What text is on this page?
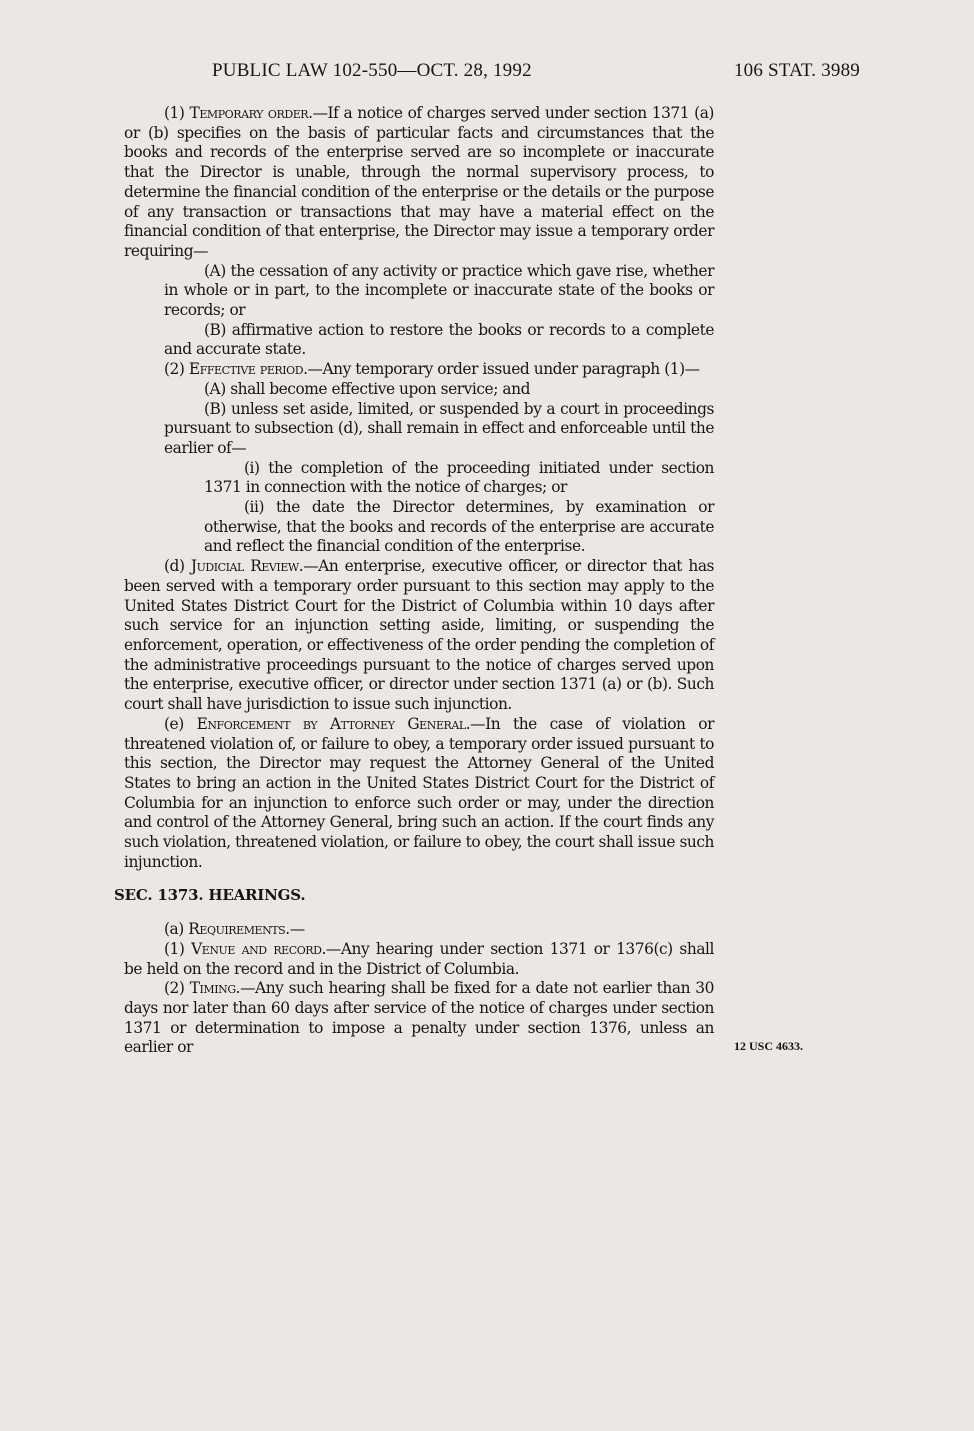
PUBLIC LAW 102-550—OCT. 28, 1992	106 STAT. 3989

(1) Temporary order.—If a notice of charges served under section 1371 (a) or (b) specifies on the basis of particular facts and circumstances that the books and records of the enterprise served are so incomplete or inaccurate that the Director is unable, through the normal supervisory process, to determine the financial condition of the enterprise or the details or the purpose of any transaction or transactions that may have a material effect on the financial condition of that enterprise, the Director may issue a temporary order requiring—

(A) the cessation of any activity or practice which gave rise, whether in whole or in part, to the incomplete or inaccurate state of the books or records; or

(B) affirmative action to restore the books or records to a complete and accurate state.

(2) Effective period.—Any temporary order issued under paragraph (1)—

(A) shall become effective upon service; and

(B) unless set aside, limited, or suspended by a court in proceedings pursuant to subsection (d), shall remain in effect and enforceable until the earlier of—

(i) the completion of the proceeding initiated under section 1371 in connection with the notice of charges; or

(ii) the date the Director determines, by examination or otherwise, that the books and records of the enterprise are accurate and reflect the financial condition of the enterprise.

(d) Judicial Review.—An enterprise, executive officer, or director that has been served with a temporary order pursuant to this section may apply to the United States District Court for the District of Columbia within 10 days after such service for an injunction setting aside, limiting, or suspending the enforcement, operation, or effectiveness of the order pending the completion of the administrative proceedings pursuant to the notice of charges served upon the enterprise, executive officer, or director under section 1371 (a) or (b). Such court shall have jurisdiction to issue such injunction.

(e) Enforcement by Attorney General.—In the case of violation or threatened violation of, or failure to obey, a temporary order issued pursuant to this section, the Director may request the Attorney General of the United States to bring an action in the United States District Court for the District of Columbia for an injunction to enforce such order or may, under the direction and control of the Attorney General, bring such an action. If the court finds any such violation, threatened violation, or failure to obey, the court shall issue such injunction.

SEC. 1373. HEARINGS.

(a) Requirements.—

(1) Venue and record.—Any hearing under section 1371 or 1376(c) shall be held on the record and in the District of Columbia.

(2) Timing.—Any such hearing shall be fixed for a date not earlier than 30 days nor later than 60 days after service of the notice of charges under section 1371 or determination to impose a penalty under section 1376, unless an earlier or	12 USC 4633.
